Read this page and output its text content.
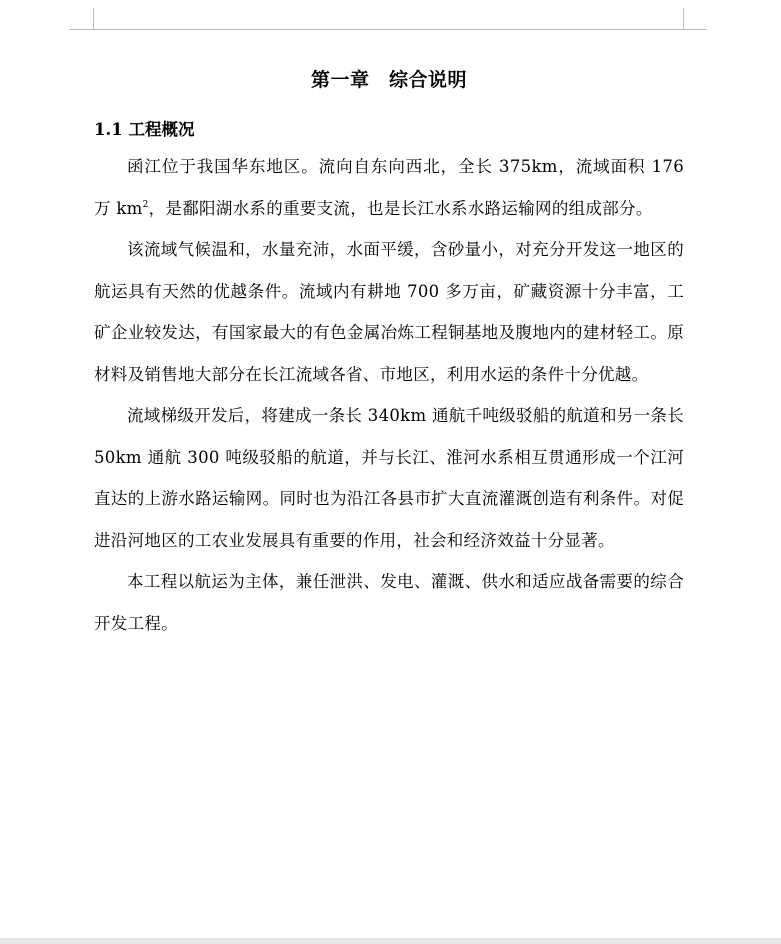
第一章　综合说明
1.1 工程概况

函江位于我国华东地区。流向自东向西北，全长 375km，流域面积 176 万 $km^2$，是鄱阳湖水系的重要支流，也是长江水系水路运输网的组成部分。

该流域气候温和，水量充沛，水面平缓，含砂量小，对充分开发这一地区的航运具有天然的优越条件。流域内有耕地 700 多万亩，矿藏资源十分丰富，工矿企业较发达，有国家最大的有色金属冶炼工程铜基地及腹地内的建材轻工。原材料及销售地大部分在长江流域各省、市地区，利用水运的条件十分优越。

流域梯级开发后，将建成一条长 340km 通航千吨级驳船的航道和另一条长 50km 通航 300 吨级驳船的航道，并与长江、淮河水系相互贯通形成一个江河直达的上游水路运输网。同时也为沿江各县市扩大直流灌溉创造有利条件。对促进沿河地区的工农业发展具有重要的作用，社会和经济效益十分显著。

本工程以航运为主体，兼任泄洪、发电、灌溉、供水和适应战备需要的综合开发工程。
